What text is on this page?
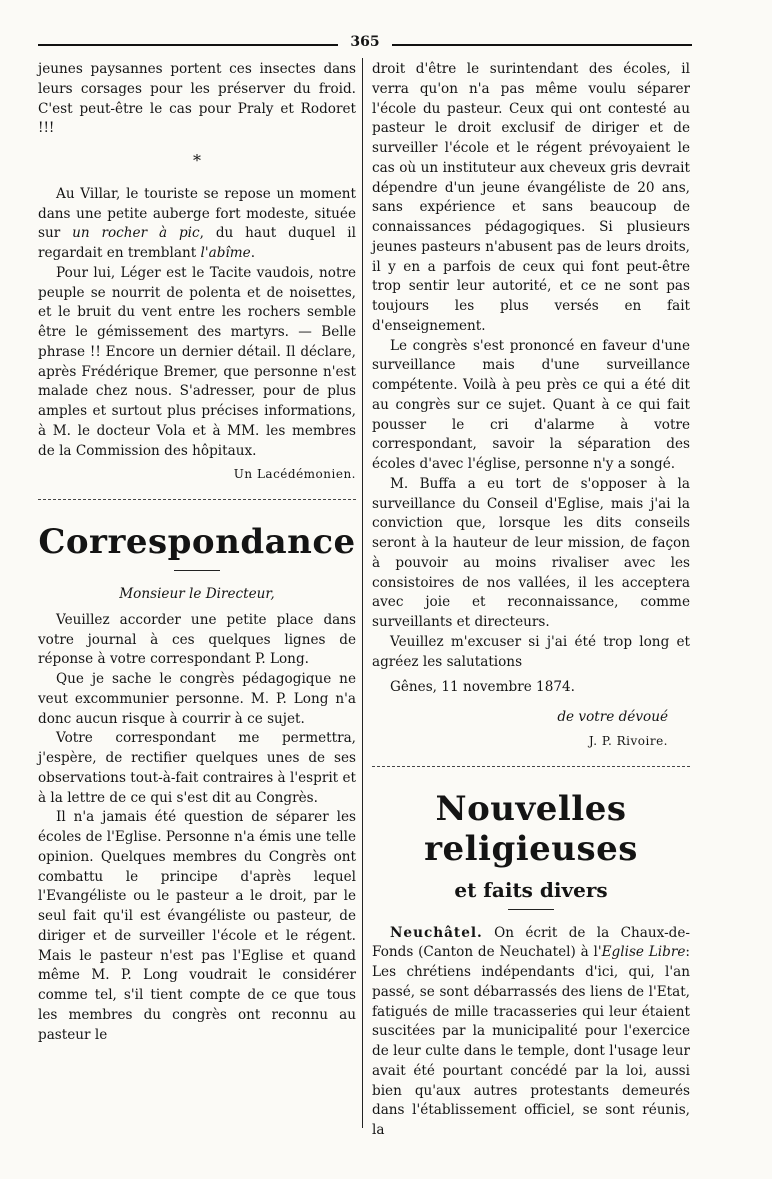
365

jeunes paysannes portent ces insectes dans leurs corsages pour les préserver du froid. C'est peut-être le cas pour Praly et Rodoret !!!

*

Au Villar, le touriste se repose un moment dans une petite auberge fort modeste, située sur un rocher à pic, du haut duquel il regardait en tremblant l'abîme.

Pour lui, Léger est le Tacite vaudois, notre peuple se nourrit de polenta et de noisettes, et le bruit du vent entre les rochers semble être le gémissement des martyrs. — Belle phrase !! Encore un dernier détail. Il déclare, après Frédérique Bremer, que personne n'est malade chez nous. S'adresser, pour de plus amples et surtout plus précises informations, à M. le docteur Vola et à MM. les membres de la Commission des hôpitaux.

Un Lacédémonien.
Correspondance
Monsieur le Directeur,

Veuillez accorder une petite place dans votre journal à ces quelques lignes de réponse à votre correspondant P. Long.

Que je sache le congrès pédagogique ne veut excommunier personne. M. P. Long n'a donc aucun risque à courrir à ce sujet.

Votre correspondant me permettra, j'espère, de rectifier quelques unes de ses observations tout-à-fait contraires à l'esprit et à la lettre de ce qui s'est dit au Congrès.

Il n'a jamais été question de séparer les écoles de l'Eglise. Personne n'a émis une telle opinion. Quelques membres du Congrès ont combattu le principe d'après lequel l'Evangéliste ou le pasteur a le droit, par le seul fait qu'il est évangéliste ou pasteur, de diriger et de surveiller l'école et le régent. Mais le pasteur n'est pas l'Eglise et quand même M. P. Long voudrait le considérer comme tel, s'il tient compte de ce que tous les membres du congrès ont reconnu au pasteur le

droit d'être le surintendant des écoles, il verra qu'on n'a pas même voulu séparer l'école du pasteur. Ceux qui ont contesté au pasteur le droit exclusif de diriger et de surveiller l'école et le régent prévoyaient le cas où un instituteur aux cheveux gris devrait dépendre d'un jeune évangéliste de 20 ans, sans expérience et sans beaucoup de connaissances pédagogiques. Si plusieurs jeunes pasteurs n'abusent pas de leurs droits, il y en a parfois de ceux qui font peut-être trop sentir leur autorité, et ce ne sont pas toujours les plus versés en fait d'enseignement.

Le congrès s'est prononcé en faveur d'une surveillance mais d'une surveillance compétente. Voilà à peu près ce qui a été dit au congrès sur ce sujet. Quant à ce qui fait pousser le cri d'alarme à votre correspondant, savoir la séparation des écoles d'avec l'église, personne n'y a songé.

M. Buffa a eu tort de s'opposer à la surveillance du Conseil d'Eglise, mais j'ai la conviction que, lorsque les dits conseils seront à la hauteur de leur mission, de façon à pouvoir au moins rivaliser avec les consistoires de nos vallées, il les acceptera avec joie et reconnaissance, comme surveillants et directeurs.

Veuillez m'excuser si j'ai été trop long et agréez les salutations

Gênes, 11 novembre 1874.

de votre dévoué
J. P. Rivoire.
Nouvelles religieuses
et faits divers

Neuchâtel. On écrit de la Chaux-de-Fonds (Canton de Neuchatel) à l'Eglise Libre: Les chrétiens indépendants d'ici, qui, l'an passé, se sont débarrassés des liens de l'Etat, fatigués de mille tracasseries qui leur étaient suscitées par la municipalité pour l'exercice de leur culte dans le temple, dont l'usage leur avait été pourtant concédé par la loi, aussi bien qu'aux autres protestants demeurés dans l'établissement officiel, se sont réunis, la
